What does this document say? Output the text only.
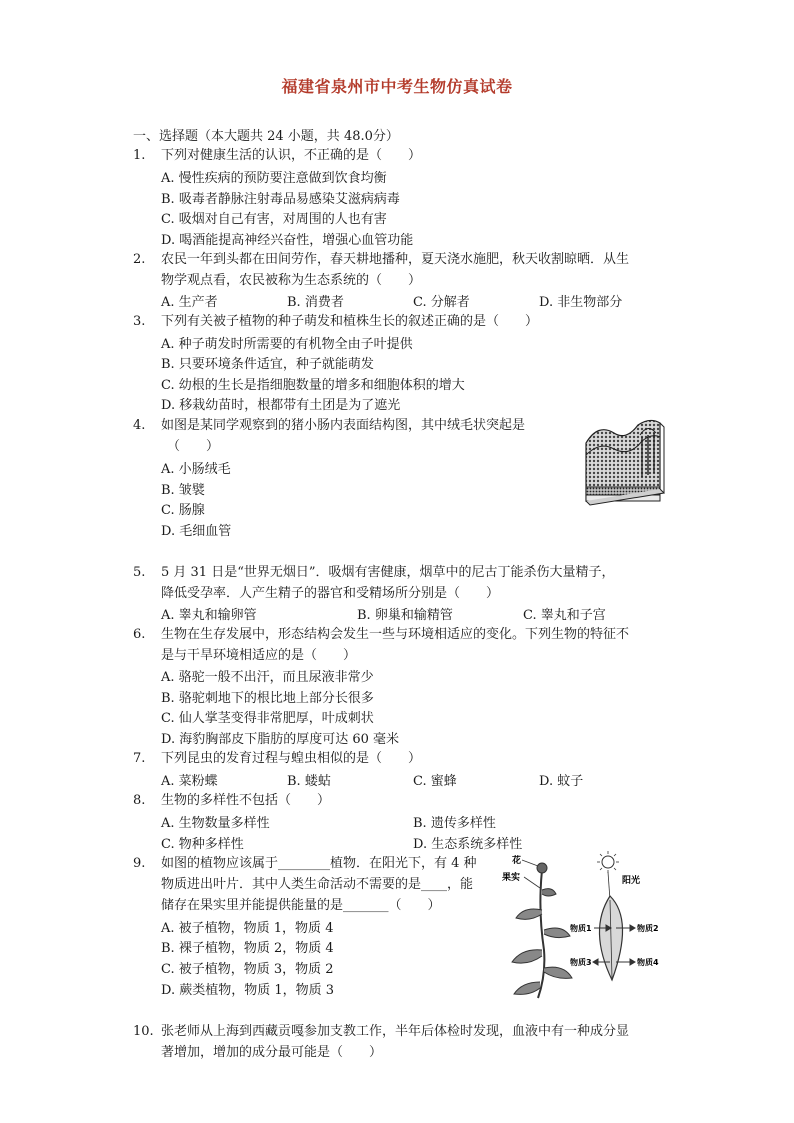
福建省泉州市中考生物仿真试卷
一、选择题（本大题共 24 小题，共 48.0分）
1. 下列对健康生活的认识，不正确的是（　　）
A. 慢性疾病的预防要注意做到饮食均衡
B. 吸毒者静脉注射毒品易感染艾滋病病毒
C. 吸烟对自己有害，对周围的人也有害
D. 喝酒能提高神经兴奋性，增强心血管功能
2. 农民一年到头都在田间劳作，春天耕地播种，夏天浇水施肥，秋天收割晾晒．从生
物学观点看，农民被称为生态系统的（　　）
A. 生产者	B. 消费者	C. 分解者	D. 非生物部分
3. 下列有关被子植物的种子萌发和植株生长的叙述正确的是（　　）
A. 种子萌发时所需要的有机物全由子叶提供
B. 只要环境条件适宜，种子就能萌发
C. 幼根的生长是指细胞数量的增多和细胞体积的增大
D. 移栽幼苗时，根都带有土团是为了遮光
4. 如图是某同学观察到的猪小肠内表面结构图，其中绒毛状突起是
（　　）
A. 小肠绒毛
B. 皱襞
C. 肠腺
D. 毛细血管
5. 5 月 31 日是“世界无烟日”．吸烟有害健康，烟草中的尼古丁能杀伤大量精子，
降低受孕率．人产生精子的器官和受精场所分别是（　　）
A. 睾丸和输卵管	B. 卵巢和输精管	C. 睾丸和子宫
6. 生物在生存发展中，形态结构会发生一些与环境相适应的变化。下列生物的特征不
是与干旱环境相适应的是（　　）
A. 骆驼一般不出汗，而且尿液非常少
B. 骆驼刺地下的根比地上部分长很多
C. 仙人掌茎变得非常肥厚，叶成刺状
D. 海豹胸部皮下脂肪的厚度可达 60 毫米
7. 下列昆虫的发育过程与蝗虫相似的是（　　）
A. 菜粉蝶	B. 蝼蛄	C. 蜜蜂	D. 蚊子
8. 生物的多样性不包括（　　）
A. 生物数量多样性	B. 遗传多样性
C. 物种多样性	D. 生态系统多样性
9. 如图的植物应该属于________植物．在阳光下，有 4 种
物质进出叶片．其中人类生命活动不需要的是____，能
储存在果实里并能提供能量的是_______（　　）
A. 被子植物，物质 1，物质 4
B. 裸子植物，物质 2，物质 4
C. 被子植物，物质 3，物质 2
D. 蕨类植物，物质 1，物质 3
花
果实	阳光
物质1	物质2
物质3	物质4
10. 张老师从上海到西藏贡嘎参加支教工作，半年后体检时发现，血液中有一种成分显
著增加，增加的成分最可能是（　　）
